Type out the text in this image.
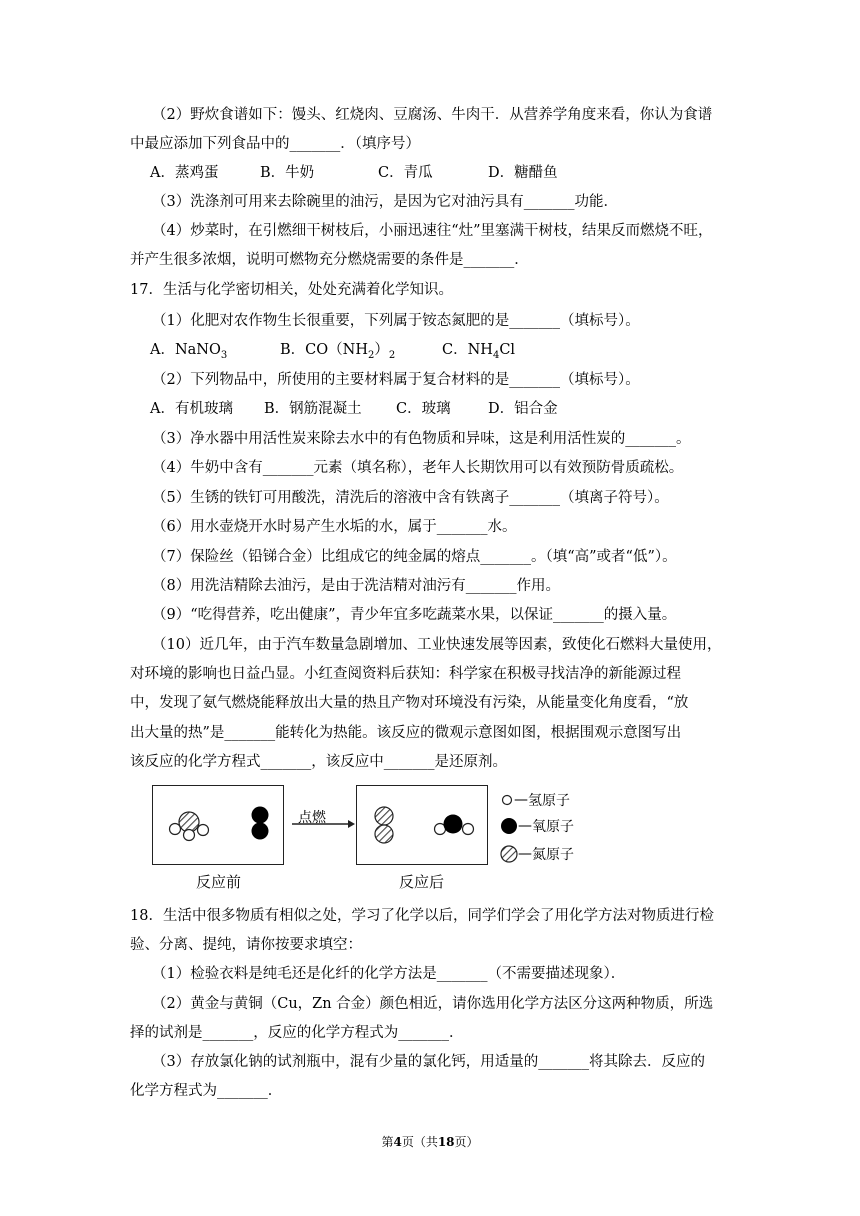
（2）野炊食谱如下：馒头、红烧肉、豆腐汤、牛肉干．从营养学角度来看，你认为食谱
中最应添加下列食品中的_______．（填序号）
A．蒸鸡蛋	B．牛奶	C．青瓜	D．糖醋鱼
（3）洗涤剂可用来去除碗里的油污，是因为它对油污具有_______功能．
（4）炒菜时，在引燃细干树枝后，小丽迅速往“灶”里塞满干树枝，结果反而燃烧不旺，
并产生很多浓烟，说明可燃物充分燃烧需要的条件是_______．
17．生活与化学密切相关，处处充满着化学知识。
（1）化肥对农作物生长很重要，下列属于铵态氮肥的是_______（填标号）。
A．NaNO$_3$	B．$CO(NH_2)_2$	C．$NH_4Cl$
（2）下列物品中，所使用的主要材料属于复合材料的是_______（填标号）。
A．有机玻璃 B．钢筋混凝土 C．玻璃	D．铝合金
（3）净水器中用活性炭来除去水中的有色物质和异味，这是利用活性炭的_______。
（4）牛奶中含有_______元素（填名称），老年人长期饮用可以有效预防骨质疏松。
（5）生锈的铁钉可用酸洗，清洗后的溶液中含有铁离子_______（填离子符号）。
（6）用水壶烧开水时易产生水垢的水，属于_______水。
（7）保险丝（铅锑合金）比组成它的纯金属的熔点_______。（填“高”或者“低”）。
（8）用洗洁精除去油污，是由于洗洁精对油污有_______作用。
（9）“吃得营养，吃出健康”，青少年宜多吃蔬菜水果，以保证_______的摄入量。
（10）近几年，由于汽车数量急剧增加、工业快速发展等因素，致使化石燃料大量使用，
对环境的影响也日益凸显。小红查阅资料后获知：科学家在积极寻找洁净的新能源过程
中，发现了氨气燃烧能释放出大量的热且产物对环境没有污染，从能量变化角度看，“放
出大量的热”是_______能转化为热能。该反应的微观示意图如图，根据围观示意图写出
该反应的化学方程式_______，该反应中_______是还原剂。
点燃
反应前	反应后
— 氢原子
— 氧原子
— 氮原子
18．生活中很多物质有相似之处，学习了化学以后，同学们学会了用化学方法对物质进行检
验、分离、提纯，请你按要求填空：
（1）检验衣料是纯毛还是化纤的化学方法是_______（不需要描述现象）．
（2）黄金与黄铜（Cu，Zn 合金）颜色相近，请你选用化学方法区分这两种物质，所选
择的试剂是_______，反应的化学方程式为_______．
（3）存放氯化钠的试剂瓶中，混有少量的氯化钙，用适量的_______将其除去．反应的
化学方程式为_______．
第4页（共18页）
